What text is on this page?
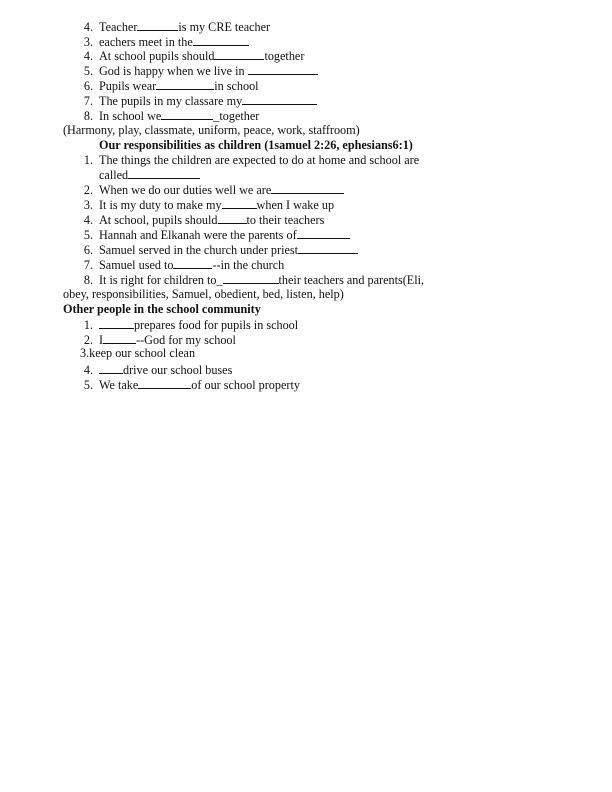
4. Teacher	is my CRE teacher
3. eachers meet in the
4. At school pupils should	together
5. God is happy when we live in
6. Pupils wear	in school
7. The pupils in my classare my
8. In school we	_together
(Harmony, play, classmate, uniform, peace, work, staffroom)
Our responsibilities as children (1samuel 2:26, ephesians6:1)
1. The things the children are expected to do at home and school are
called
2. When we do our duties well we are
3. It is my duty to make my	when I wake up
4. At school, pupils should to their teachers
5. Hannah and Elkanah were the parents of
6. Samuel served in the church under priest
7. Samuel used to	--in the church
8. It is right for children to_	their teachers and parents(Eli,
obey, responsibilities, Samuel, obedient, bed, listen, help)
Other people in the school community
1.	prepares food for pupils in school
2. I	--God for my school
3.keep our school clean
4. drive our school buses
5. We take	of our school property
